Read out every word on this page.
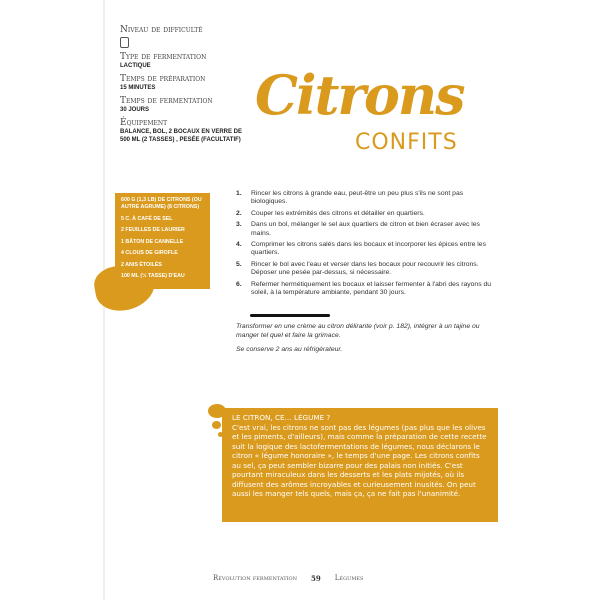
Niveau de difficulté
Type de fermentation
LACTIQUE
Temps de préparation
15 MINUTES
Temps de fermentation
30 JOURS
Équipement
BALANCE, BOL, 2 BOCAUX EN VERRE DE 500 ML (2 TASSES) , PESÉE (FACULTATIF)
600 G (1,3 LB) DE CITRONS (OU AUTRE AGRUME) (8 CITRONS)
5 C. À CAFÉ DE SEL
2 FEUILLES DE LAURIER
1 BÂTON DE CANNELLE
4 CLOUS DE GIROFLE
2 ANIS ÉTOILÉS
100 ML (½ TASSE) D'EAU
Citrons
CONFITS
1.	Rincer les citrons à grande eau, peut-être un peu plus s'ils ne sont pas biologiques.
2.	Couper les extrémités des citrons et détailler en quartiers.
3.	Dans un bol, mélanger le sel aux quartiers de citron et bien écraser avec les mains.
4.	Comprimer les citrons salés dans les bocaux et incorporer les épices entre les quartiers.
5.	Rincer le bol avec l'eau et verser dans les bocaux pour recouvrir les citrons. Déposer une pesée par-dessus, si nécessaire.
6.	Refermer hermétiquement les bocaux et laisser fermenter à l'abri des rayons du soleil, à la température ambiante, pendant 30 jours.

Transformer en une crème au citron délirante (voir p. 182), intégrer à un tajine ou manger tel quel et faire la grimace.

Se conserve 2 ans au réfrigérateur.

LE CITRON, CE… LÉGUME ?
C'est vrai, les citrons ne sont pas des légumes (pas plus que les olives et les piments, d'ailleurs), mais comme la préparation de cette recette suit la logique des lactofermentations de légumes, nous déclarons le citron « légume honoraire », le temps d'une page. Les citrons confits au sel, ça peut sembler bizarre pour des palais non initiés. C'est pourtant miraculeux dans les desserts et les plats mijotés, où ils diffusent des arômes incroyables et curieusement inusités. On peut aussi les manger tels quels, mais ça, ça ne fait pas l'unanimité.
Révolution fermentation 59 Légumes
